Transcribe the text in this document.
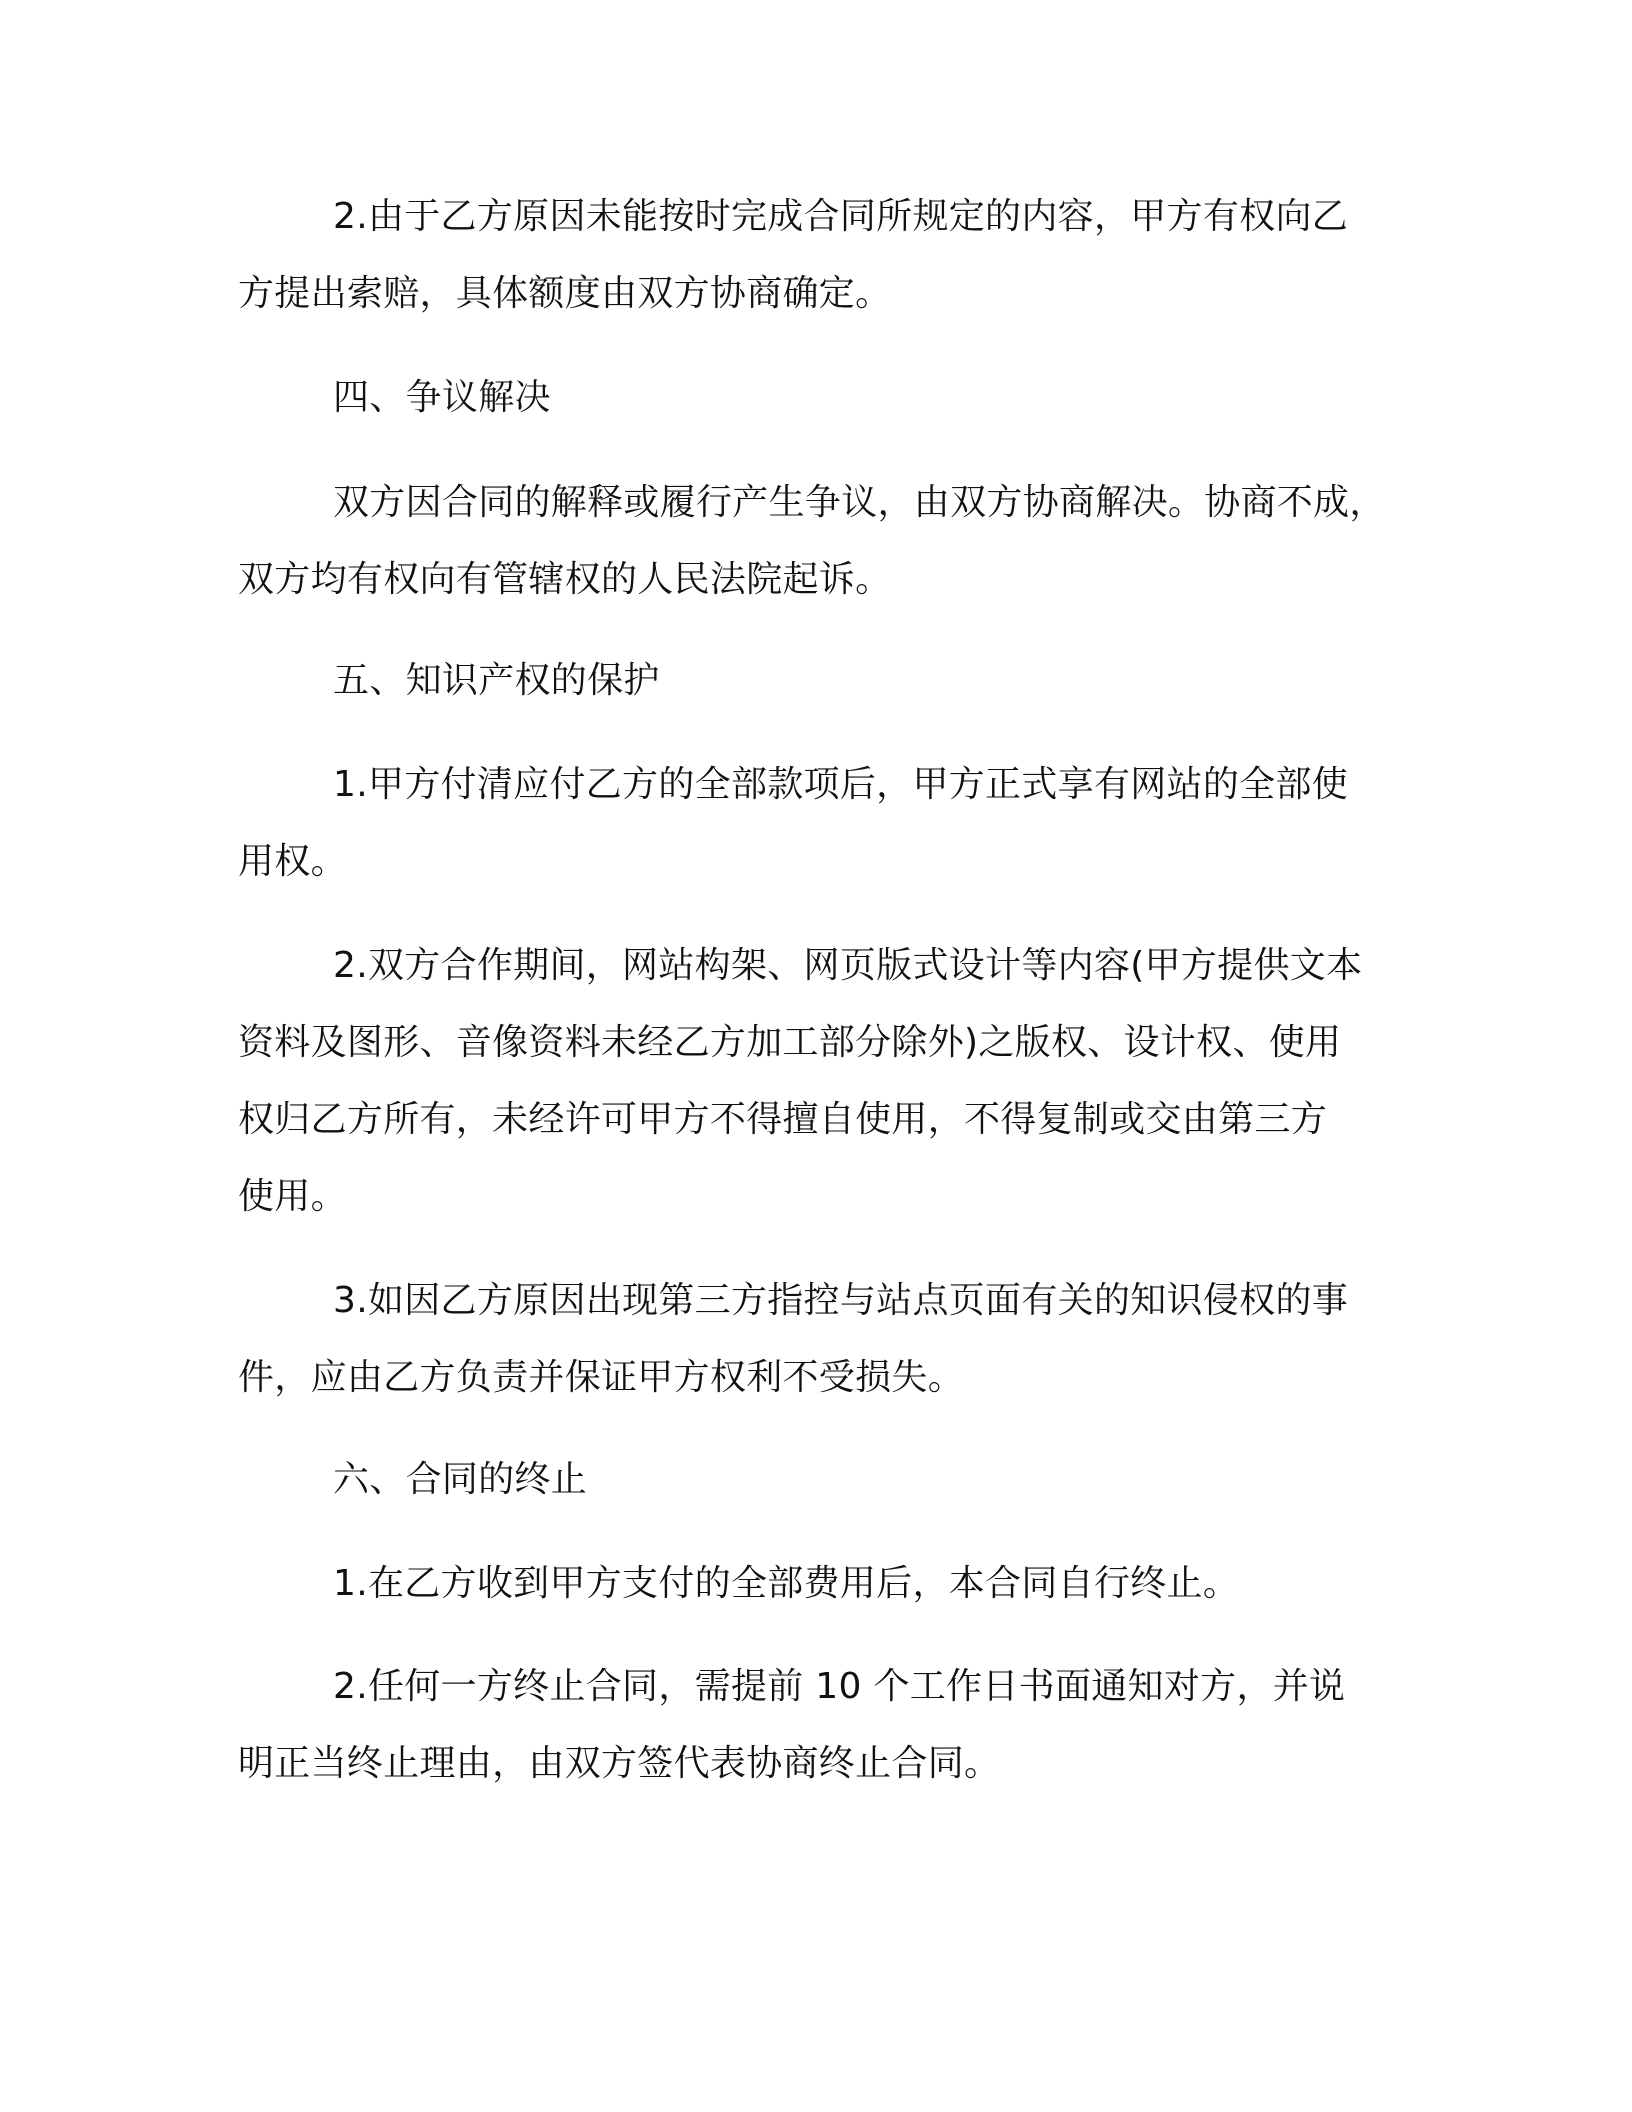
2.由于乙方原因未能按时完成合同所规定的内容，甲方有权向乙
方提出索赔，具体额度由双方协商确定。
四、争议解决
双方因合同的解释或履行产生争议，由双方协商解决。协商不成，
双方均有权向有管辖权的人民法院起诉。
五、知识产权的保护
1.甲方付清应付乙方的全部款项后，甲方正式享有网站的全部使
用权。
2.双方合作期间，网站构架、网页版式设计等内容(甲方提供文本
资料及图形、音像资料未经乙方加工部分除外)之版权、设计权、使用
权归乙方所有，未经许可甲方不得擅自使用，不得复制或交由第三方
使用。
3.如因乙方原因出现第三方指控与站点页面有关的知识侵权的事
件，应由乙方负责并保证甲方权利不受损失。
六、合同的终止
1.在乙方收到甲方支付的全部费用后，本合同自行终止。
2.任何一方终止合同，需提前 10 个工作日书面通知对方，并说
明正当终止理由，由双方签代表协商终止合同。
